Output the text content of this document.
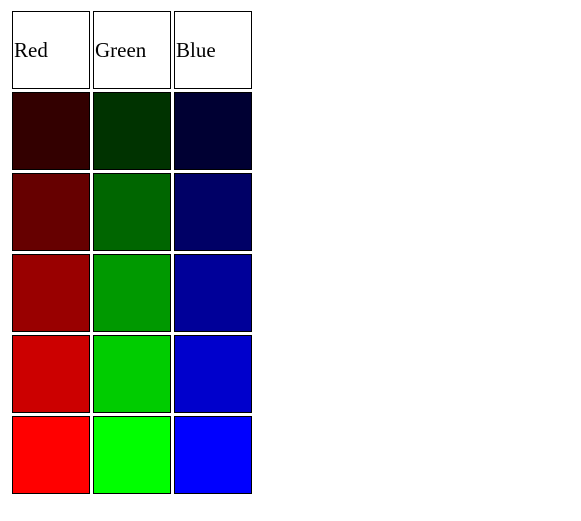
Red	Green	Blue
